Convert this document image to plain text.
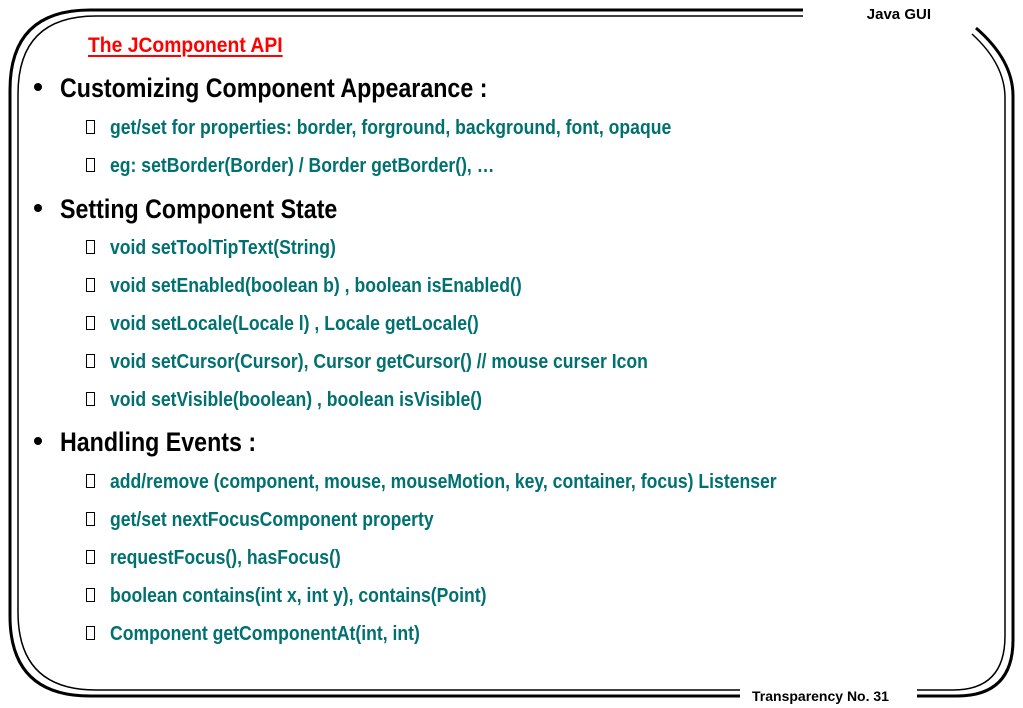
Java GUI
Transparency No. 31
The JComponent API
Customizing Component Appearance :
get/set for properties: border, forground, background, font, opaque
eg: setBorder(Border) / Border getBorder(), …
Setting Component State
void setToolTipText(String)
void setEnabled(boolean b) , boolean isEnabled()
void setLocale(Locale l) , Locale getLocale()
void setCursor(Cursor), Cursor getCursor() // mouse curser Icon
void setVisible(boolean) , boolean isVisible()
Handling Events :
add/remove (component, mouse, mouseMotion, key, container, focus) Listenser
get/set nextFocusComponent property
requestFocus(), hasFocus()
boolean contains(int x, int y), contains(Point)
Component getComponentAt(int, int)
